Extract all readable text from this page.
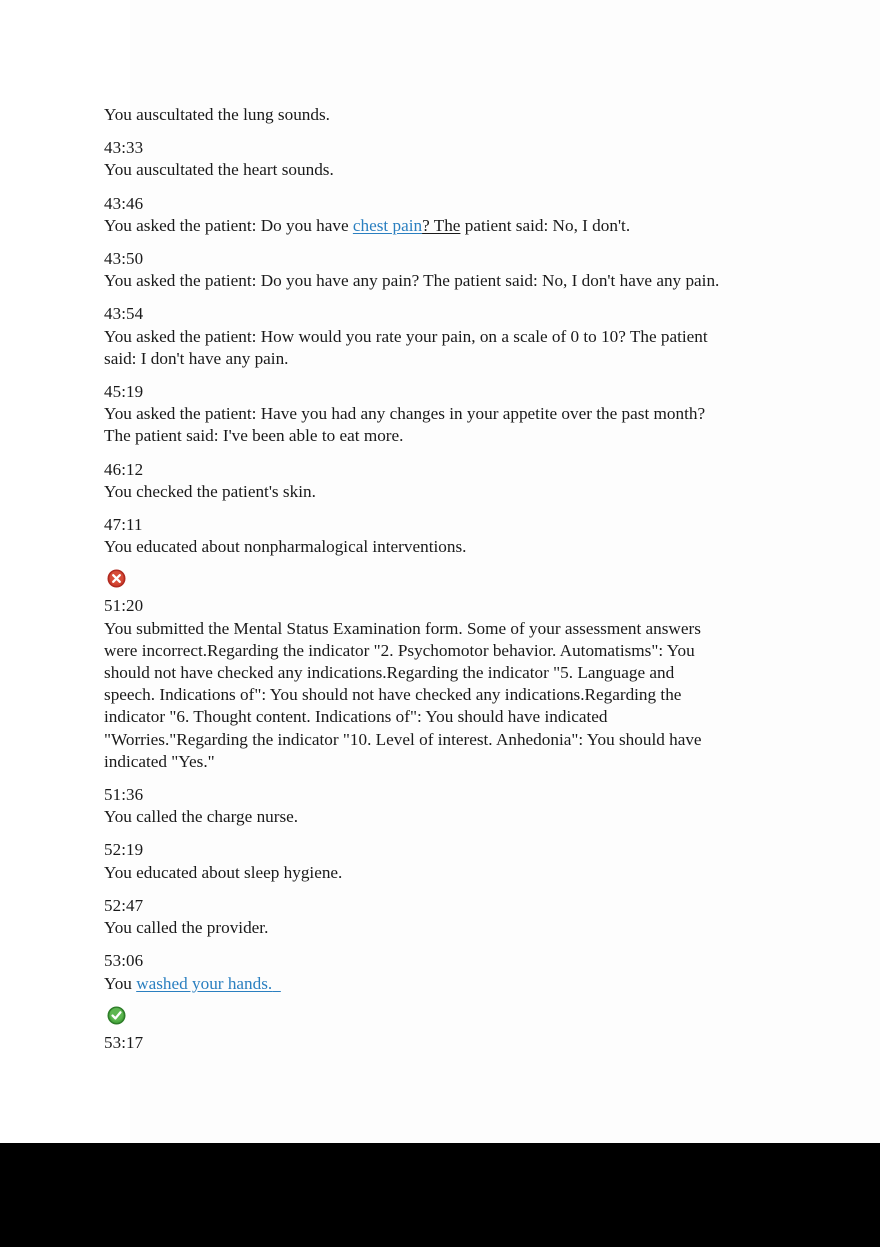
You auscultated the lung sounds.
43:33
You auscultated the heart sounds.
43:46
You asked the patient: Do you have chest pain? The patient said: No, I don't.
43:50
You asked the patient: Do you have any pain? The patient said: No, I don't have any pain.
43:54
You asked the patient: How would you rate your pain, on a scale of 0 to 10? The patient said: I don't have any pain.
45:19
You asked the patient: Have you had any changes in your appetite over the past month? The patient said: I've been able to eat more.
46:12
You checked the patient's skin.
47:11
You educated about nonpharmalogical interventions.
51:20
You submitted the Mental Status Examination form. Some of your assessment answers were incorrect.Regarding the indicator "2. Psychomotor behavior. Automatisms": You should not have checked any indications.Regarding the indicator "5. Language and speech. Indications of": You should not have checked any indications.Regarding the indicator "6. Thought content. Indications of": You should have indicated "Worries."Regarding the indicator "10. Level of interest. Anhedonia": You should have indicated "Yes."
51:36
You called the charge nurse.
52:19
You educated about sleep hygiene.
52:47
You called the provider.
53:06
You washed your hands.
53:17
